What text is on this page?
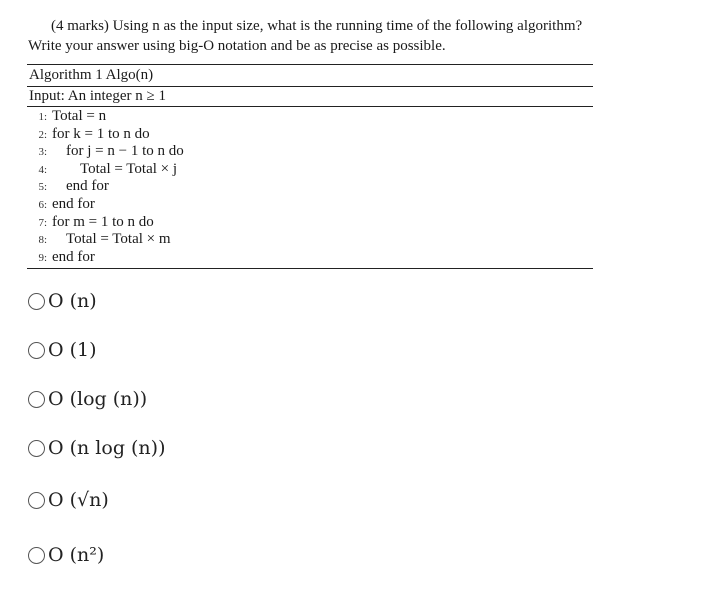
(4 marks) Using n as the input size, what is the running time of the following algorithm?
Write your answer using big-O notation and be as precise as possible.
Algorithm 1 Algo(n)
Input: An integer n ≥ 1
1: Total = n
2: for k = 1 to n do
3: for j = n − 1 to n do
4: Total = Total × j
5: end for
6: end for
7: for m = 1 to n do
8: Total = Total × m
9: end for
O (n)
O (1)
O (log (n))
O (n log (n))
O (√n)
O (n²)
